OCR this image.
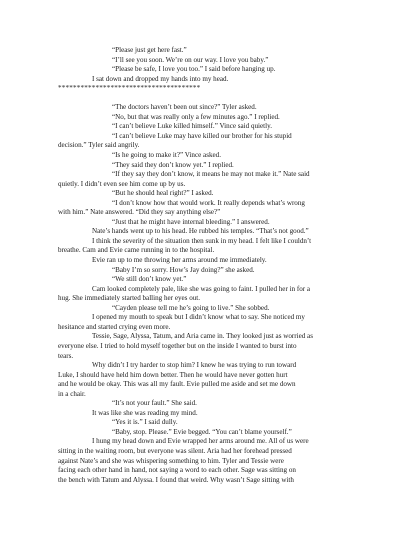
“Please just get here fast.”
“I’ll see you soon. We’re on our way. I love you baby.”
“Please be safe, I love you too.” I said before hanging up.
I sat down and dropped my hands into my head.
**************************************
“The doctors haven’t been out since?” Tyler asked.
“No, but that was really only a few minutes ago.” I replied.
“I can’t believe Luke killed himself.” Vince said quietly.
“I can’t believe Luke may have killed our brother for his stupid
decision.” Tyler said angrily.
“Is he going to make it?” Vince asked.
“They said they don’t know yet.” I replied.
“If they say they don’t know, it means he may not make it.” Nate said
quietly. I didn’t even see him come up by us.
“But he should heal right?” I asked.
“I don’t know how that would work. It really depends what’s wrong
with him.” Nate answered. “Did they say anything else?”
“Just that he might have internal bleeding.” I answered.
Nate’s hands went up to his head. He rubbed his temples. “That’s not good.”
I think the severity of the situation then sunk in my head. I felt like I couldn’t
breathe. Cam and Evie came running in to the hospital.
Evie ran up to me throwing her arms around me immediately.
“Baby I’m so sorry. How’s Jay doing?” she asked.
“We still don’t know yet.”
Cam looked completely pale, like she was going to faint. I pulled her in for a
hug. She immediately started balling her eyes out.
“Cayden please tell me he’s going to live.” She sobbed.
I opened my mouth to speak but I didn’t know what to say. She noticed my
hesitance and started crying even more.
Tessie, Sage, Alyssa, Tatum, and Aria came in. They looked just as worried as
everyone else. I tried to hold myself together but on the inside I wanted to burst into
tears.
Why didn’t I try harder to stop him? I knew he was trying to run toward
Luke, I should have held him down better. Then he would have never gotten hurt
and he would be okay. This was all my fault. Evie pulled me aside and set me down
in a chair.
“It’s not your fault.” She said.
It was like she was reading my mind.
“Yes it is.” I said dully.
“Baby, stop. Please.” Evie begged. “You can’t blame yourself.”
I hung my head down and Evie wrapped her arms around me. All of us were
sitting in the waiting room, but everyone was silent. Aria had her forehead pressed
against Nate’s and she was whispering something to him. Tyler and Tessie were
facing each other hand in hand, not saying a word to each other. Sage was sitting on
the bench with Tatum and Alyssa. I found that weird. Why wasn’t Sage sitting with
